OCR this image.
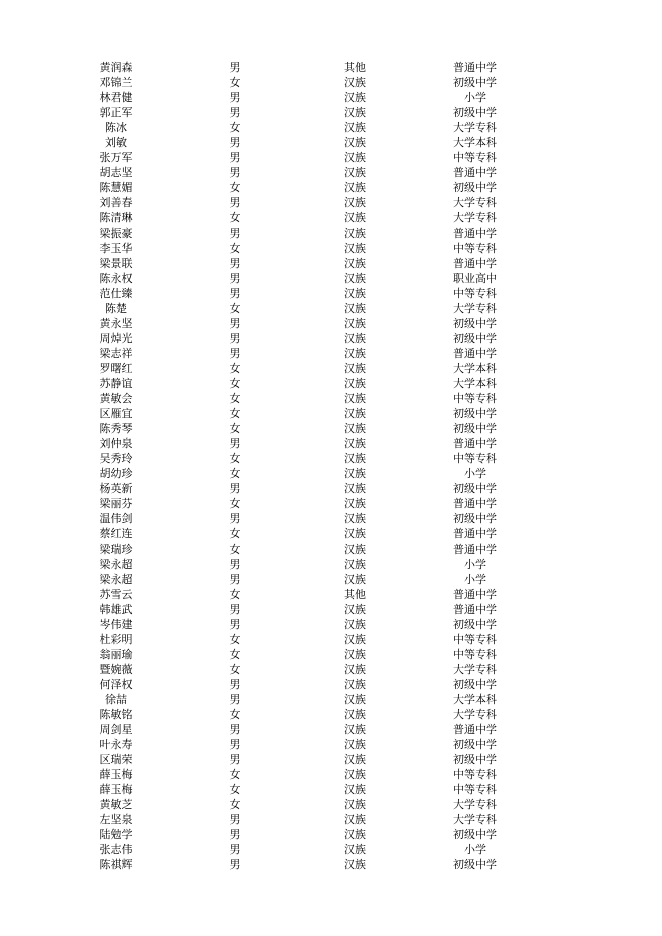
黄润森	男	其他	普通中学
邓锦兰	女	汉族	初级中学
林君健	男	汉族	小学
郭正军	男	汉族	初级中学
陈冰	女	汉族	大学专科
刘敏	男	汉族	大学本科
张万军	男	汉族	中等专科
胡志坚	男	汉族	普通中学
陈慧媚	女	汉族	初级中学
刘善春	男	汉族	大学专科
陈清琳	女	汉族	大学专科
梁振豪	男	汉族	普通中学
李玉华	女	汉族	中等专科
梁景联	男	汉族	普通中学
陈永权	男	汉族	职业高中
范仕臻	男	汉族	中等专科
陈楚	女	汉族	大学专科
黄永坚	男	汉族	初级中学
周焯光	男	汉族	初级中学
梁志祥	男	汉族	普通中学
罗曙红	女	汉族	大学本科
苏静谊	女	汉族	大学本科
黄敏会	女	汉族	中等专科
区雁宜	女	汉族	初级中学
陈秀琴	女	汉族	初级中学
刘仲泉	男	汉族	普通中学
吴秀玲	女	汉族	中等专科
胡幼珍	女	汉族	小学
杨英新	男	汉族	初级中学
梁丽芬	女	汉族	普通中学
温伟剑	男	汉族	初级中学
蔡红连	女	汉族	普通中学
梁瑞珍	女	汉族	普通中学
梁永超	男	汉族	小学
梁永超	男	汉族	小学
苏雪云	女	其他	普通中学
韩雄武	男	汉族	普通中学
岑伟建	男	汉族	初级中学
杜彩明	女	汉族	中等专科
翁丽瑜	女	汉族	中等专科
暨婉薇	女	汉族	大学专科
何泽权	男	汉族	初级中学
徐喆	男	汉族	大学本科
陈敏铭	女	汉族	大学专科
周剑星	男	汉族	普通中学
叶永寿	男	汉族	初级中学
区瑞荣	男	汉族	初级中学
薛玉梅	女	汉族	中等专科
薛玉梅	女	汉族	中等专科
黄敏芝	女	汉族	大学专科
左坚泉	男	汉族	大学专科
陆勉学	男	汉族	初级中学
张志伟	男	汉族	小学
陈祺辉	男	汉族	初级中学
